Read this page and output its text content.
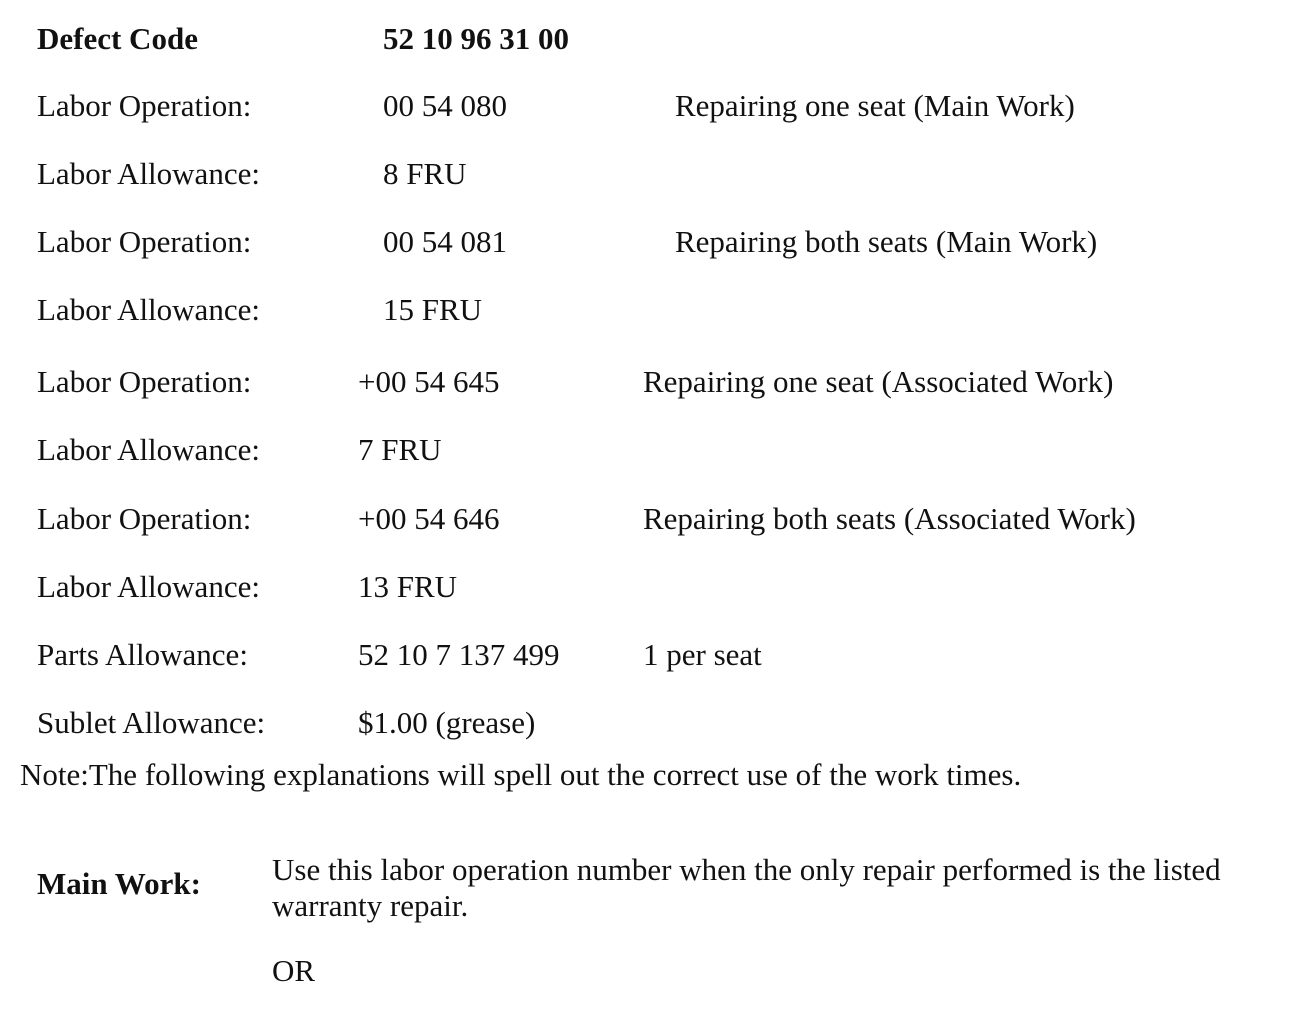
Defect Code	52 10 96 31 00
Labor Operation:	00 54 080	Repairing one seat (Main Work)
Labor Allowance:	8 FRU
Labor Operation:	00 54 081	Repairing both seats (Main Work)
Labor Allowance:	15 FRU
Labor Operation:	+00 54 645	Repairing one seat (Associated Work)
Labor Allowance:	7 FRU
Labor Operation:	+00 54 646	Repairing both seats (Associated Work)
Labor Allowance:	13 FRU
Parts Allowance:	52 10 7 137 499	1 per seat
Sublet Allowance:	$1.00 (grease)
Note:The following explanations will spell out the correct use of the work times.
Main Work: Use this labor operation number when the only repair performed is the listed warranty repair.
OR
